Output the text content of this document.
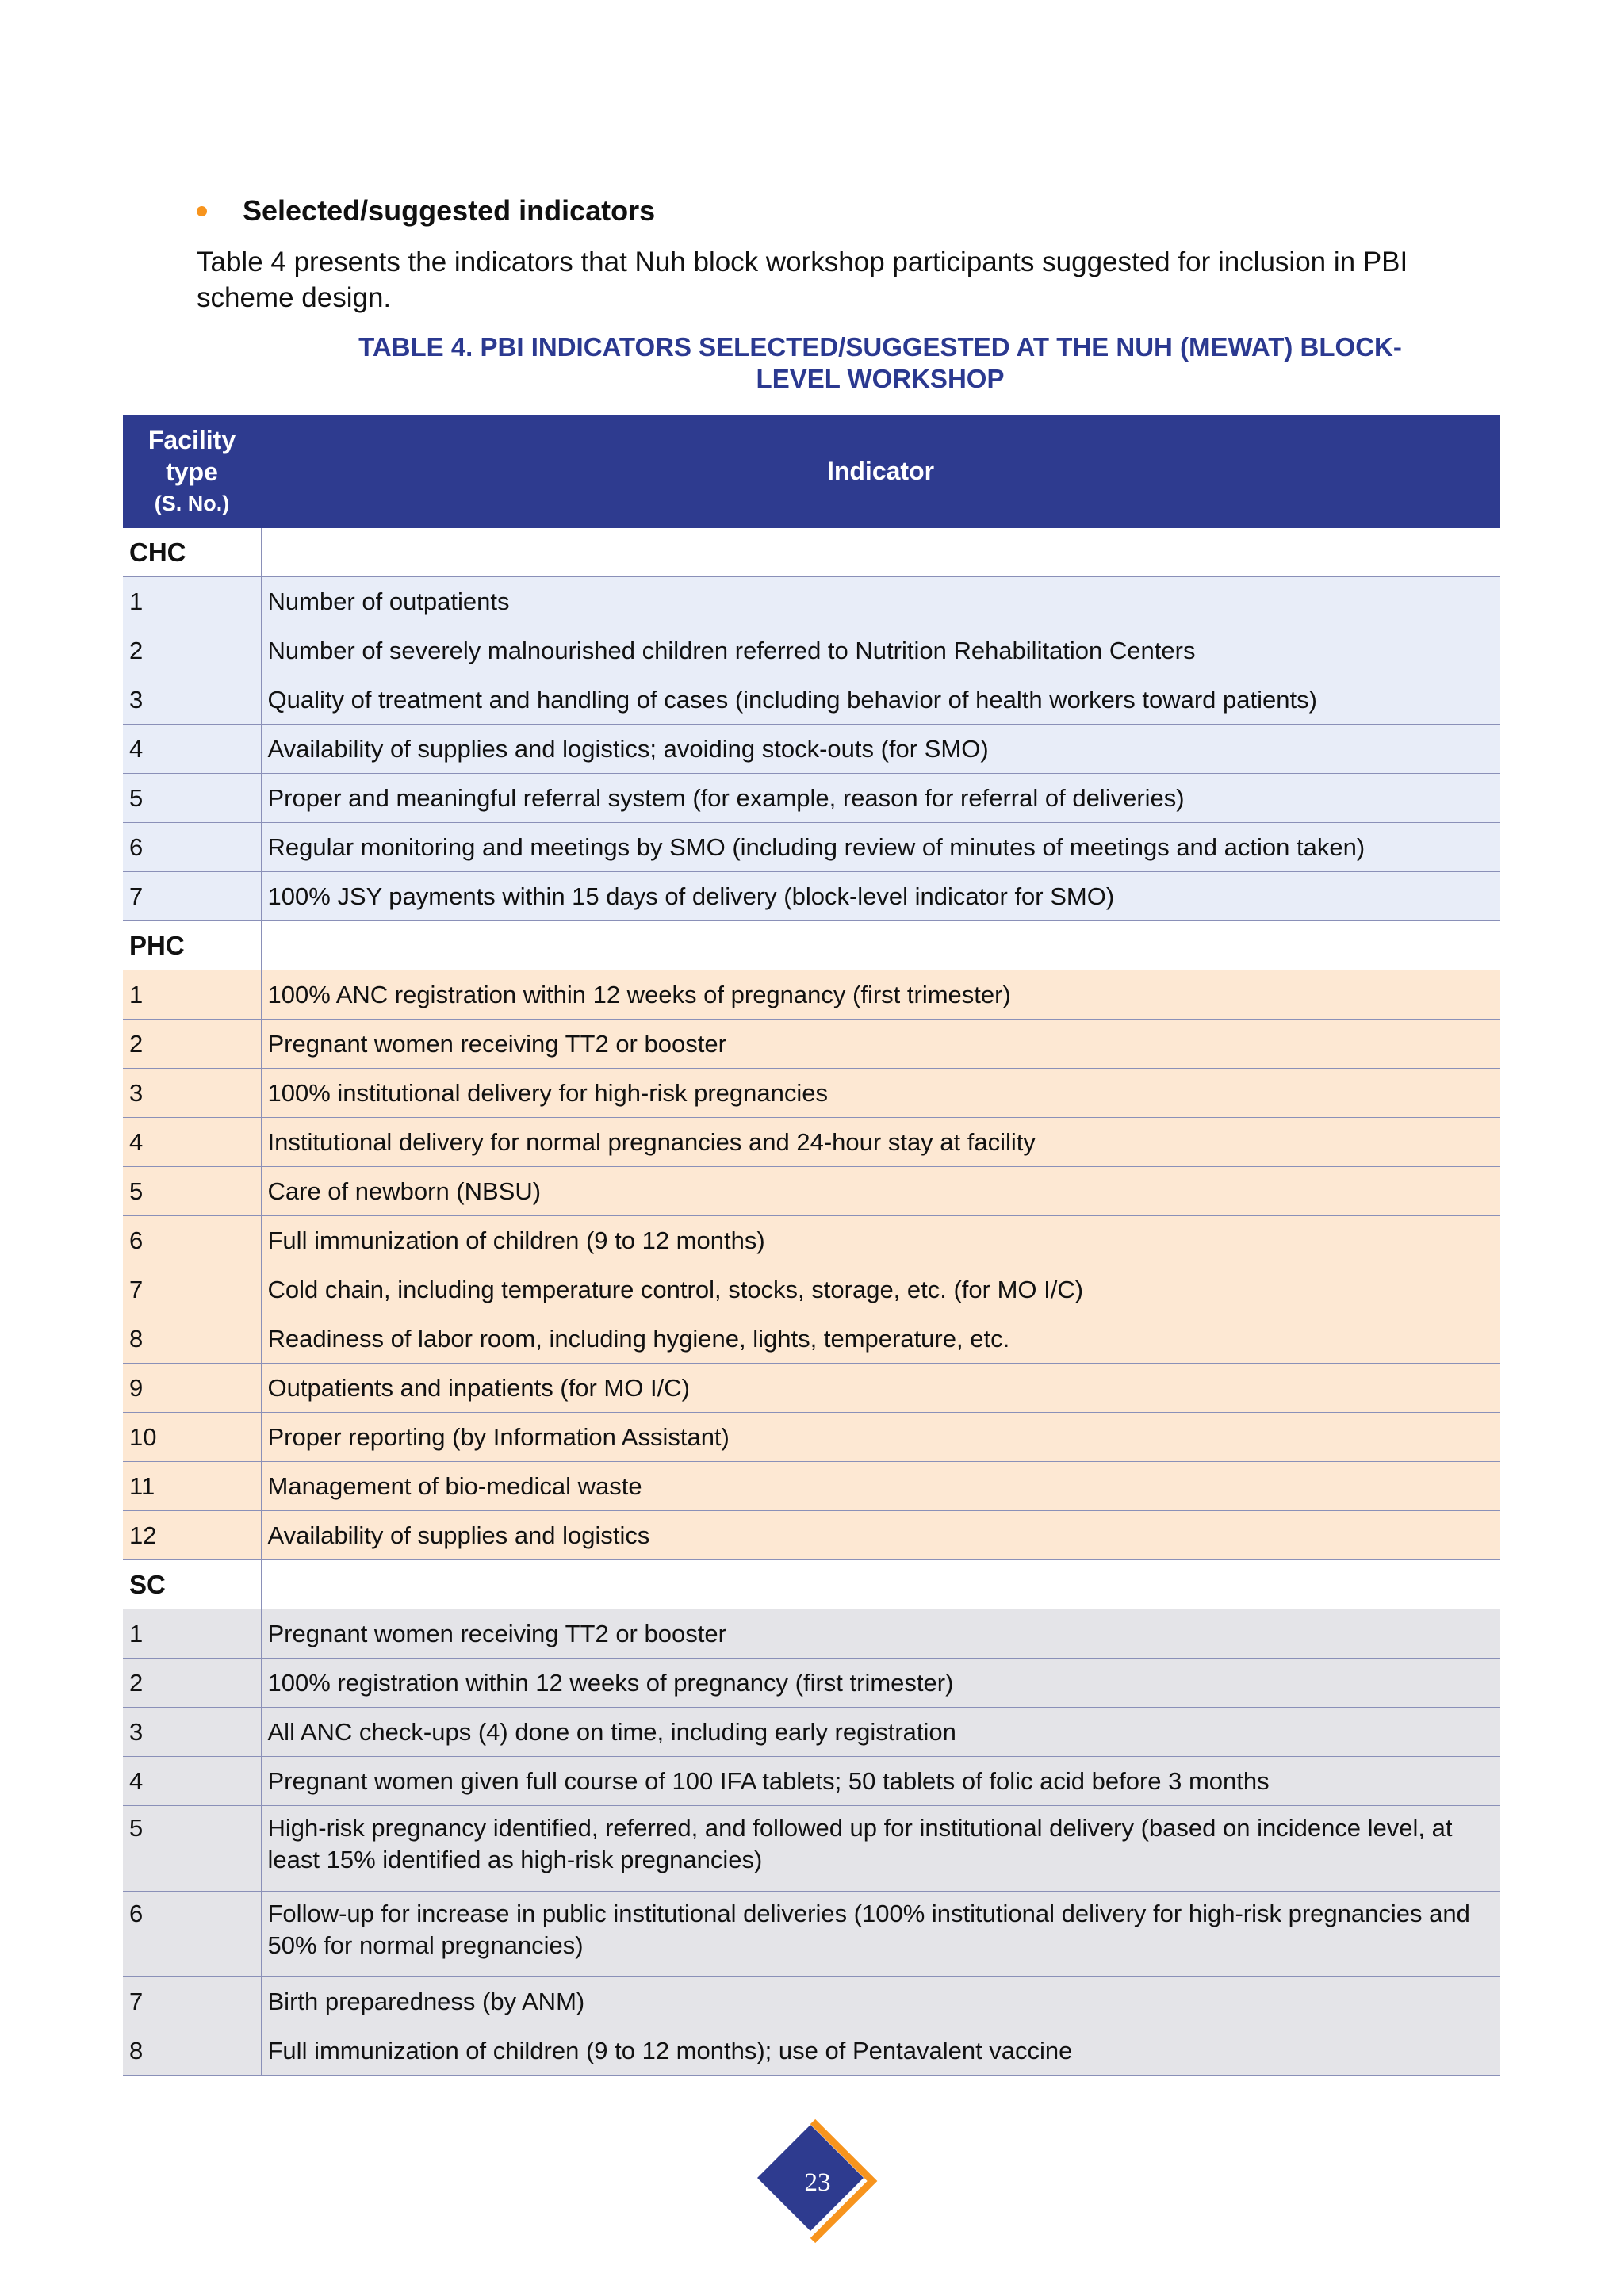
Selected/suggested indicators
Table 4 presents the indicators that Nuh block workshop participants suggested for inclusion in PBI scheme design.
TABLE 4. PBI INDICATORS SELECTED/SUGGESTED AT THE NUH (MEWAT) BLOCK-
LEVEL WORKSHOP
Facility type
(S. No.)	Indicator
CHC	
1	Number of outpatients
2	Number of severely malnourished children referred to Nutrition Rehabilitation Centers
3	Quality of treatment and handling of cases (including behavior of health workers toward patients)
4	Availability of supplies and logistics; avoiding stock-outs (for SMO)
5	Proper and meaningful referral system (for example, reason for referral of deliveries)
6	Regular monitoring and meetings by SMO (including review of minutes of meetings and action taken)
7	100% JSY payments within 15 days of delivery (block-level indicator for SMO)
PHC	
1	100% ANC registration within 12 weeks of pregnancy (first trimester)
2	Pregnant women receiving TT2 or booster
3	100% institutional delivery for high-risk pregnancies
4	Institutional delivery for normal pregnancies and 24-hour stay at facility
5	Care of newborn (NBSU)
6	Full immunization of children (9 to 12 months)
7	Cold chain, including temperature control, stocks, storage, etc. (for MO I/C)
8	Readiness of labor room, including hygiene, lights, temperature, etc.
9	Outpatients and inpatients (for MO I/C)
10	Proper reporting (by Information Assistant)
11	Management of bio-medical waste
12	Availability of supplies and logistics
SC	
1	Pregnant women receiving TT2 or booster
2	100% registration within 12 weeks of pregnancy (first trimester)
3	All ANC check-ups (4) done on time, including early registration
4	Pregnant women given full course of 100 IFA tablets; 50 tablets of folic acid before 3 months
5	High-risk pregnancy identified, referred, and followed up for institutional delivery (based on incidence level, at least 15% identified as high-risk pregnancies)
6	Follow-up for increase in public institutional deliveries (100% institutional delivery for high-risk pregnancies and 50% for normal pregnancies)
7	Birth preparedness (by ANM)
8	Full immunization of children (9 to 12 months); use of Pentavalent vaccine
23
